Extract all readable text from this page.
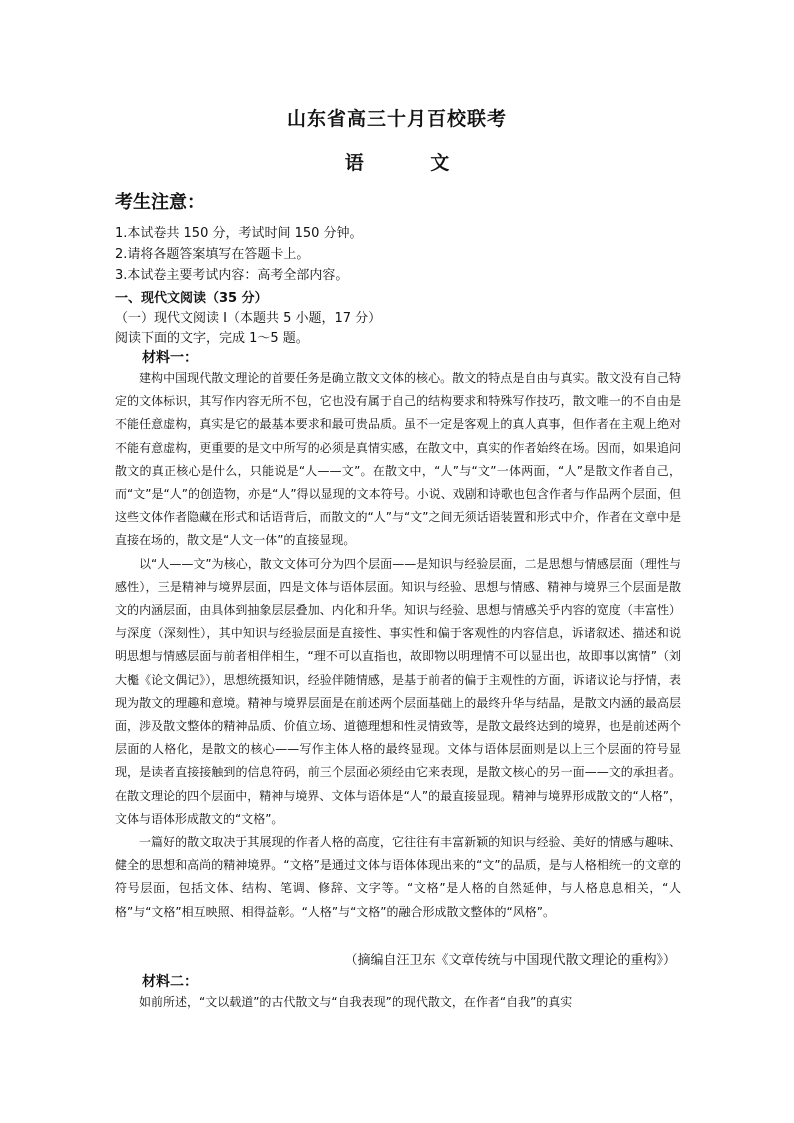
山东省高三十月百校联考
语 文
考生注意：
1.本试卷共 150 分，考试时间 150 分钟。
2.请将各题答案填写在答题卡上。
3.本试卷主要考试内容：高考全部内容。
一、现代文阅读（35 分）
（一）现代文阅读 I（本题共 5 小题，17 分）
阅读下面的文字，完成 1～5 题。
材料一：

建构中国现代散文理论的首要任务是确立散文文体的核心。散文的特点是自由与真实。散文没有自己特定的文体标识，其写作内容无所不包，它也没有属于自己的结构要求和特殊写作技巧，散文唯一的不自由是不能任意虚构，真实是它的最基本要求和最可贵品质。虽不一定是客观上的真人真事，但作者在主观上绝对不能有意虚构，更重要的是文中所写的必须是真情实感，在散文中，真实的作者始终在场。因而，如果追问散文的真正核心是什么，只能说是“人——文”。在散文中，“人”与“文”一体两面，“人”是散文作者自己，而“文”是“人”的创造物，亦是“人”得以显现的文本符号。小说、戏剧和诗歌也包含作者与作品两个层面，但这些文体作者隐藏在形式和话语背后，而散文的“人”与“文”之间无须话语装置和形式中介，作者在文章中是直接在场的，散文是“人文一体”的直接显现。

以“人——文”为核心，散文文体可分为四个层面——是知识与经验层面，二是思想与情感层面（理性与感性），三是精神与境界层面，四是文体与语体层面。知识与经验、思想与情感、精神与境界三个层面是散文的内涵层面，由具体到抽象层层叠加、内化和升华。知识与经验、思想与情感关乎内容的宽度（丰富性）与深度（深刻性），其中知识与经验层面是直接性、事实性和偏于客观性的内容信息，诉诸叙述、描述和说明思想与情感层面与前者相伴相生，“理不可以直指也，故即物以明理情不可以显出也，故即事以寓情”（刘大櫆《论文偶记》），思想统摄知识，经验伴随情感，是基于前者的偏于主观性的方面，诉诸议论与抒情，表现为散文的理趣和意境。精神与境界层面是在前述两个层面基础上的最终升华与结晶，是散文内涵的最高层面，涉及散文整体的精神品质、价值立场、道德理想和性灵情致等，是散文最终达到的境界，也是前述两个层面的人格化，是散文的核心——写作主体人格的最终显现。文体与语体层面则是以上三个层面的符号显现，是读者直接接触到的信息符码，前三个层面必须经由它来表现，是散文核心的另一面——文的承担者。在散文理论的四个层面中，精神与境界、文体与语体是“人”的最直接显现。精神与境界形成散文的“人格”，文体与语体形成散文的“文格”。

一篇好的散文取决于其展现的作者人格的高度，它往往有丰富新颖的知识与经验、美好的情感与趣味、健全的思想和高尚的精神境界。“文格”是通过文体与语体体现出来的“文”的品质，是与人格相统一的文章的符号层面，包括文体、结构、笔调、修辞、文字等。“文格”是人格的自然延伸，与人格息息相关，“人格”与“文格”相互映照、相得益彰。“人格”与“文格”的融合形成散文整体的“风格”。

（摘编自汪卫东《文章传统与中国现代散文理论的重构》）
材料二：

如前所述，“文以载道”的古代散文与“自我表现”的现代散文，在作者“自我”的真实
